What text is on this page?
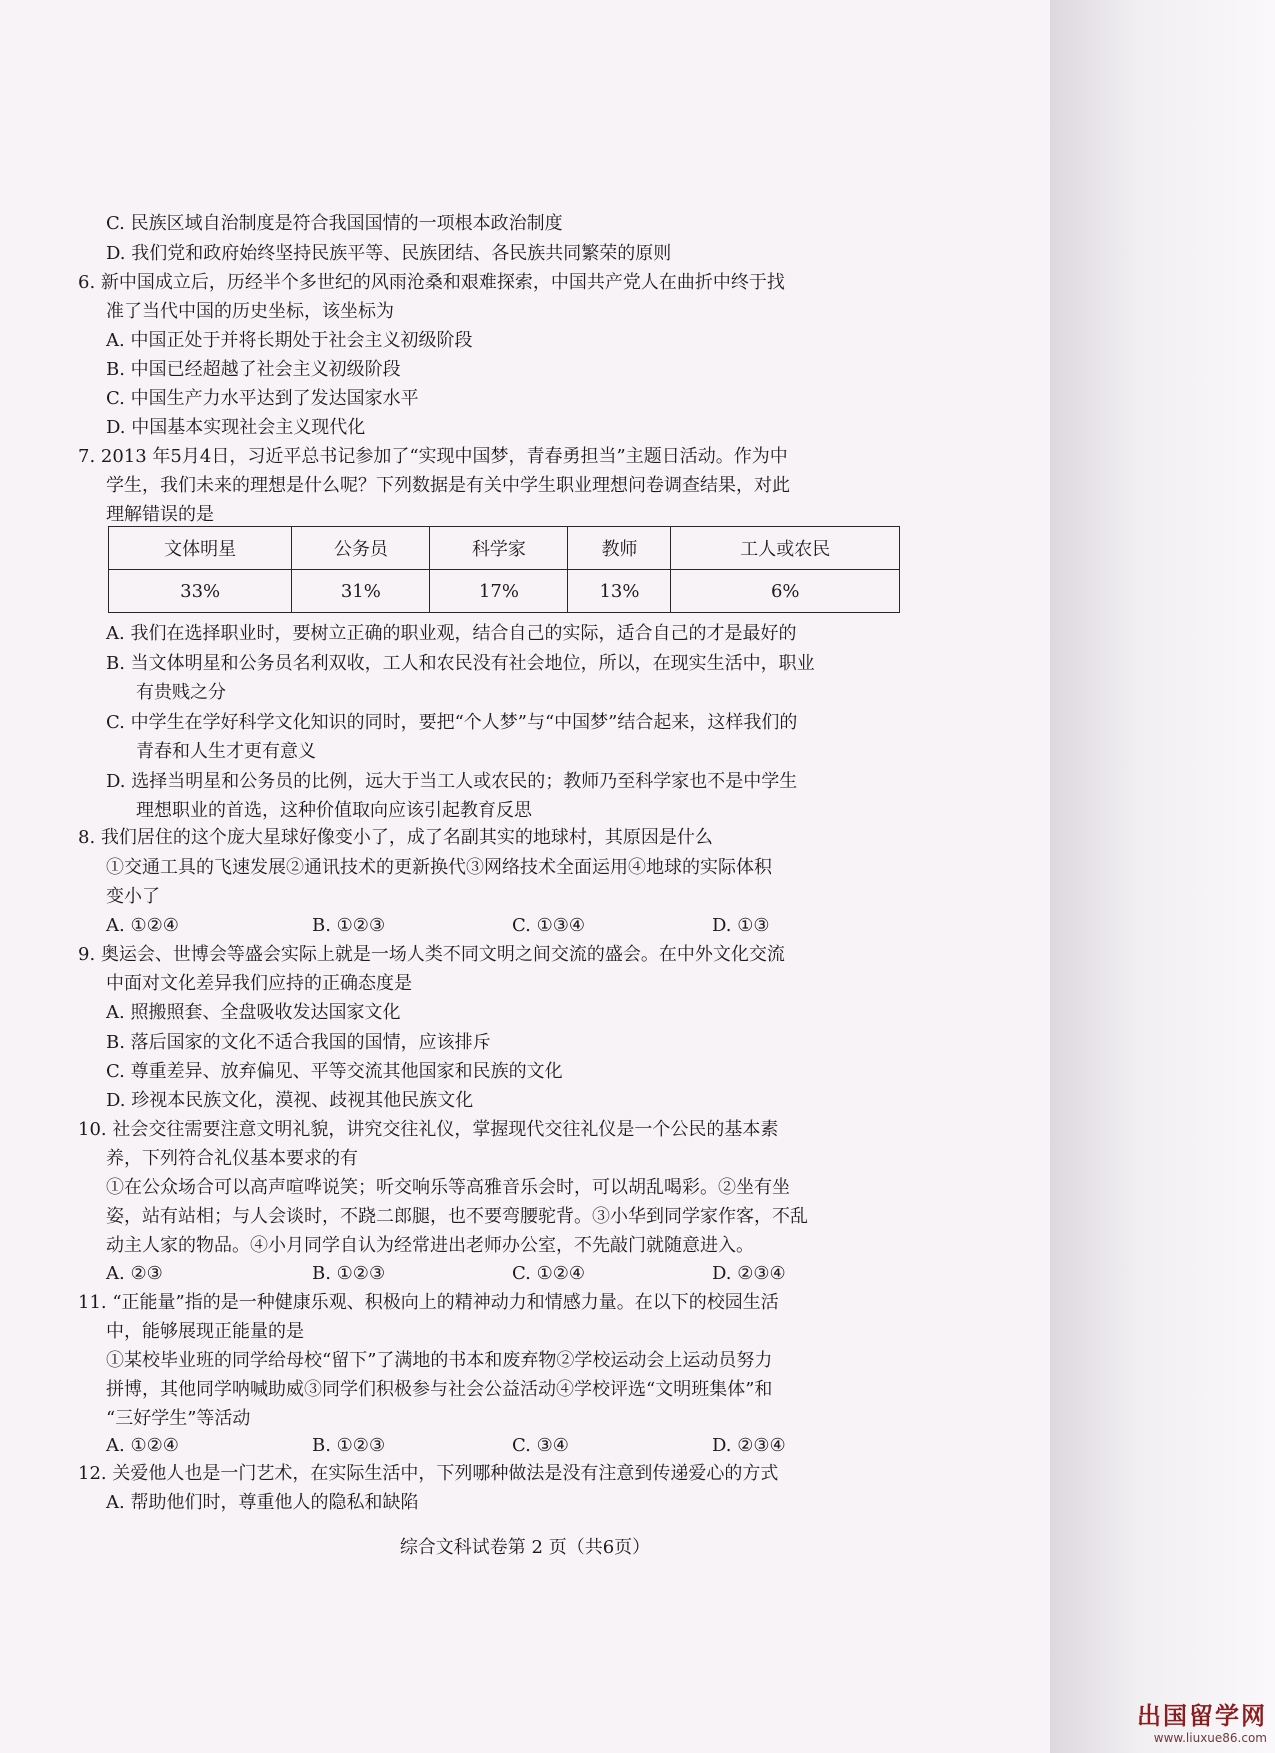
C. 民族区域自治制度是符合我国国情的一项根本政治制度
D. 我们党和政府始终坚持民族平等、民族团结、各民族共同繁荣的原则
6. 新中国成立后，历经半个多世纪的风雨沧桑和艰难探索，中国共产党人在曲折中终于找
准了当代中国的历史坐标，该坐标为
A. 中国正处于并将长期处于社会主义初级阶段
B. 中国已经超越了社会主义初级阶段
C. 中国生产力水平达到了发达国家水平
D. 中国基本实现社会主义现代化
7. 2013 年5月4日，习近平总书记参加了“实现中国梦，青春勇担当”主题日活动。作为中
学生，我们未来的理想是什么呢？下列数据是有关中学生职业理想问卷调查结果，对此
理解错误的是
A. 我们在选择职业时，要树立正确的职业观，结合自己的实际，适合自己的才是最好的
B. 当文体明星和公务员名利双收，工人和农民没有社会地位，所以，在现实生活中，职业
有贵贱之分
C. 中学生在学好科学文化知识的同时，要把“个人梦”与“中国梦”结合起来，这样我们的
青春和人生才更有意义
D. 选择当明星和公务员的比例，远大于当工人或农民的；教师乃至科学家也不是中学生
理想职业的首选，这种价值取向应该引起教育反思
8. 我们居住的这个庞大星球好像变小了，成了名副其实的地球村，其原因是什么
①交通工具的飞速发展②通讯技术的更新换代③网络技术全面运用④地球的实际体积
变小了
9. 奥运会、世博会等盛会实际上就是一场人类不同文明之间交流的盛会。在中外文化交流
中面对文化差异我们应持的正确态度是
A. 照搬照套、全盘吸收发达国家文化
B. 落后国家的文化不适合我国的国情，应该排斥
C. 尊重差异、放弃偏见、平等交流其他国家和民族的文化
D. 珍视本民族文化，漠视、歧视其他民族文化
10. 社会交往需要注意文明礼貌，讲究交往礼仪，掌握现代交往礼仪是一个公民的基本素
养，下列符合礼仪基本要求的有
①在公众场合可以高声喧哗说笑；听交响乐等高雅音乐会时，可以胡乱喝彩。②坐有坐
姿，站有站相；与人会谈时，不跷二郎腿，也不要弯腰驼背。③小华到同学家作客，不乱
动主人家的物品。④小月同学自认为经常进出老师办公室，不先敲门就随意进入。
11. “正能量”指的是一种健康乐观、积极向上的精神动力和情感力量。在以下的校园生活
中，能够展现正能量的是
①某校毕业班的同学给母校“留下”了满地的书本和废弃物②学校运动会上运动员努力
拼博，其他同学呐喊助威③同学们积极参与社会公益活动④学校评选“文明班集体”和
“三好学生”等活动
12. 关爱他人也是一门艺术，在实际生活中，下列哪种做法是没有注意到传递爱心的方式
A. 帮助他们时，尊重他人的隐私和缺陷
A. ①②④	B. ①②③	C. ①③④	D. ①③
A. ②③	B. ①②③	C. ①②④	D. ②③④
A. ①②④	B. ①②③	C. ③④	D. ②③④
文体明星	公务员	科学家	教师	工人或农民
33%	31%	17%	13%	6%
综合文科试卷第 2 页（共6页）
出国留学网
www.liuxue86.com
